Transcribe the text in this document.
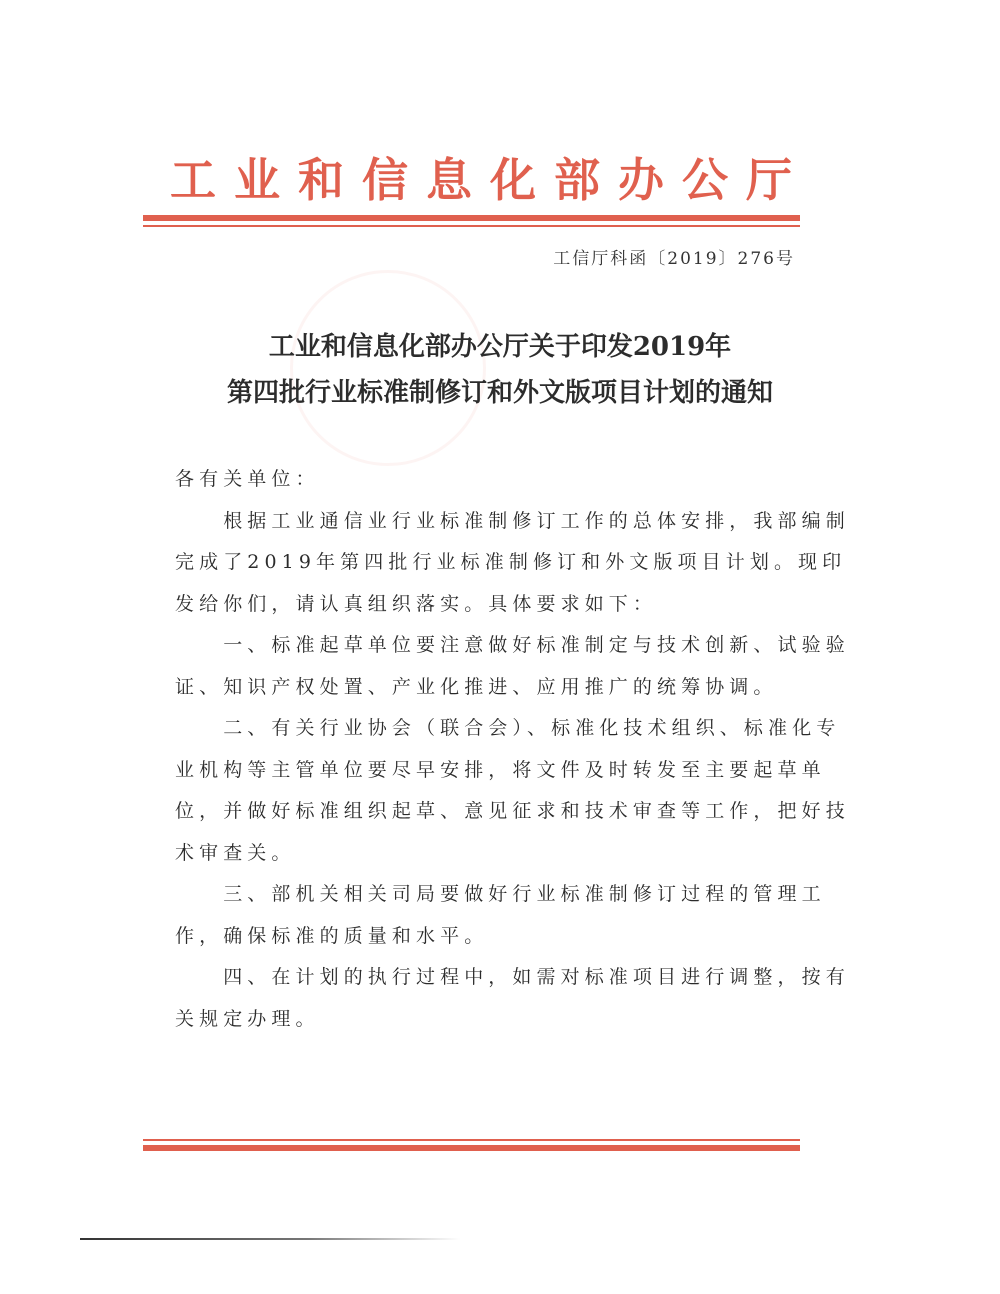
工业和信息化部办公厅
工信厅科函〔2019〕276号
工业和信息化部办公厅关于印发2019年
第四批行业标准制修订和外文版项目计划的通知
各有关单位：
　　根据工业通信业行业标准制修订工作的总体安排，我部编制
完成了2019年第四批行业标准制修订和外文版项目计划。现印
发给你们，请认真组织落实。具体要求如下：
　　一、标准起草单位要注意做好标准制定与技术创新、试验验
证、知识产权处置、产业化推进、应用推广的统筹协调。
　　二、有关行业协会（联合会）、标准化技术组织、标准化专
业机构等主管单位要尽早安排，将文件及时转发至主要起草单
位，并做好标准组织起草、意见征求和技术审查等工作，把好技
术审查关。
　　三、部机关相关司局要做好行业标准制修订过程的管理工
作，确保标准的质量和水平。
　　四、在计划的执行过程中，如需对标准项目进行调整，按有
关规定办理。
